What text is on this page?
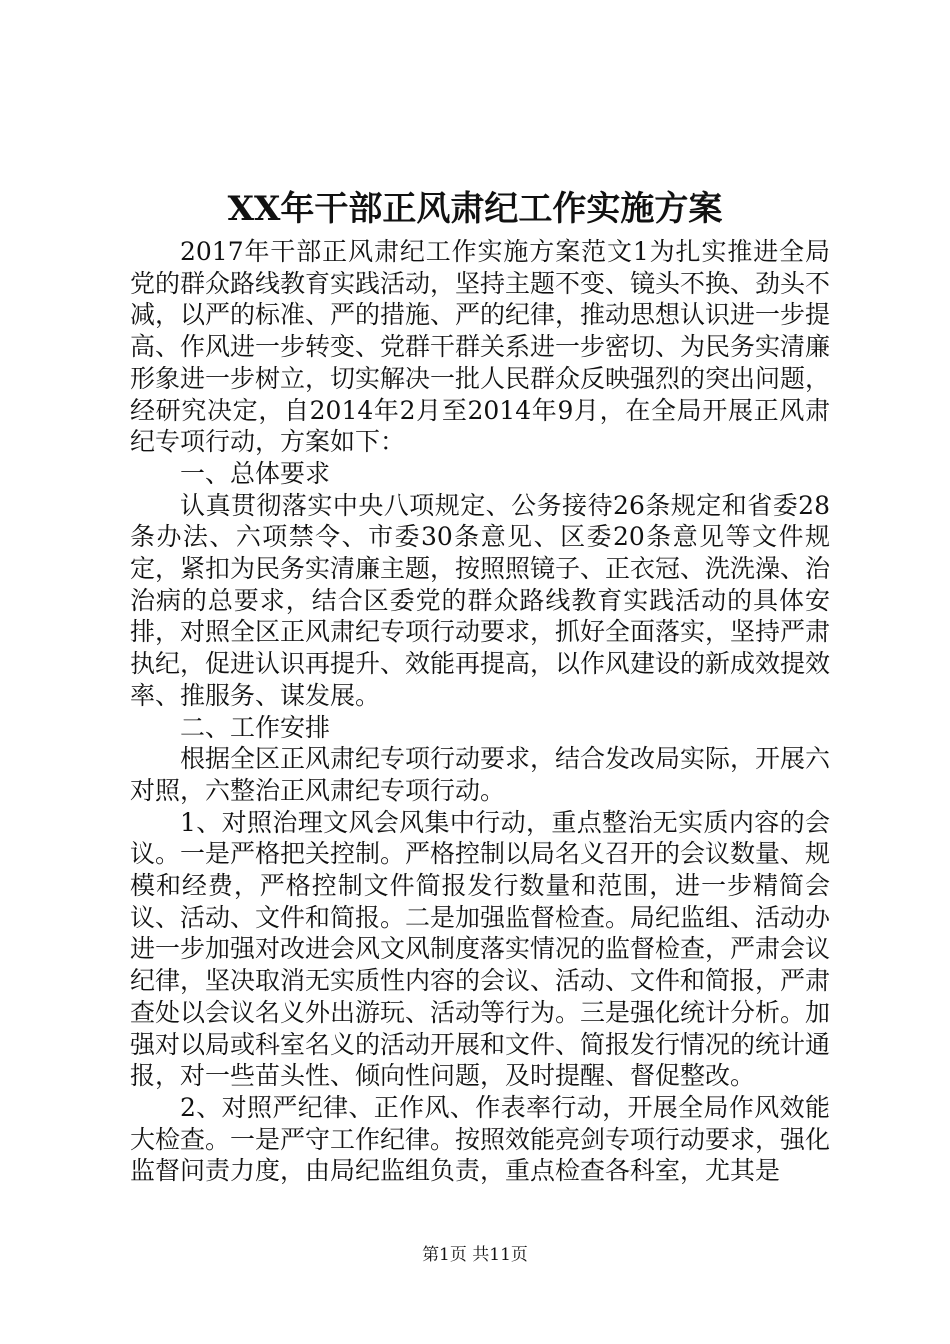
XX年干部正风肃纪工作实施方案

2017年干部正风肃纪工作实施方案范文1为扎实推进全局党的群众路线教育实践活动，坚持主题不变、镜头不换、劲头不减，以严的标准、严的措施、严的纪律，推动思想认识进一步提高、作风进一步转变、党群干群关系进一步密切、为民务实清廉形象进一步树立，切实解决一批人民群众反映强烈的突出问题，经研究决定，自2014年2月至2014年9月，在全局开展正风肃纪专项行动，方案如下：

一、总体要求

认真贯彻落实中央八项规定、公务接待26条规定和省委28条办法、六项禁令、市委30条意见、区委20条意见等文件规定，紧扣为民务实清廉主题，按照照镜子、正衣冠、洗洗澡、治治病的总要求，结合区委党的群众路线教育实践活动的具体安排，对照全区正风肃纪专项行动要求，抓好全面落实，坚持严肃执纪，促进认识再提升、效能再提高，以作风建设的新成效提效率、推服务、谋发展。

二、工作安排

根据全区正风肃纪专项行动要求，结合发改局实际，开展六对照，六整治正风肃纪专项行动。

1、对照治理文风会风集中行动，重点整治无实质内容的会议。一是严格把关控制。严格控制以局名义召开的会议数量、规模和经费，严格控制文件简报发行数量和范围，进一步精简会议、活动、文件和简报。二是加强监督检查。局纪监组、活动办进一步加强对改进会风文风制度落实情况的监督检查，严肃会议纪律，坚决取消无实质性内容的会议、活动、文件和简报，严肃查处以会议名义外出游玩、活动等行为。三是强化统计分析。加强对以局或科室名义的活动开展和文件、简报发行情况的统计通报，对一些苗头性、倾向性问题，及时提醒、督促整改。

2、对照严纪律、正作风、作表率行动，开展全局作风效能大检查。一是严守工作纪律。按照效能亮剑专项行动要求，强化监督问责力度，由局纪监组负责，重点检查各科室，尤其是

第1页 共11页
